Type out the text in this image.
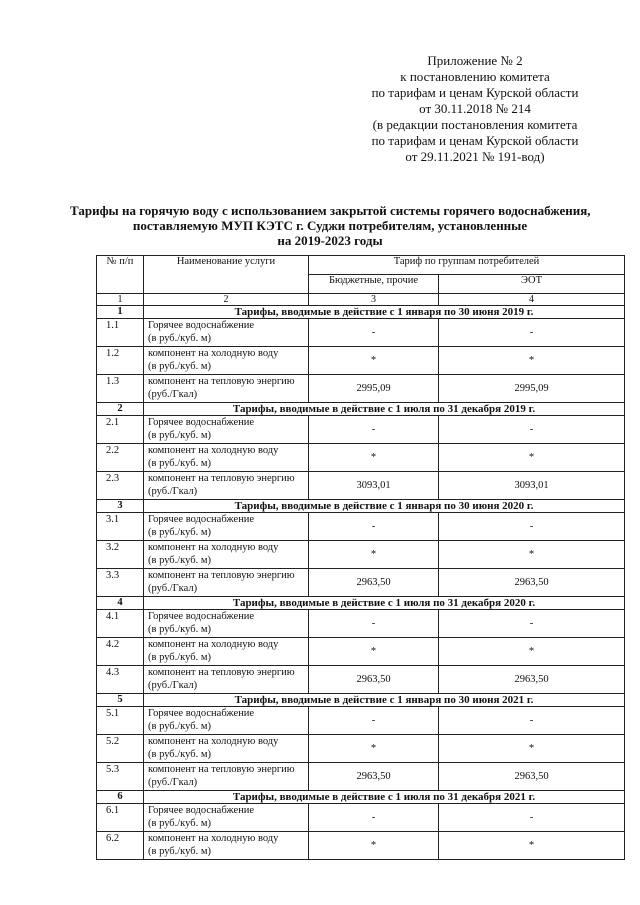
Приложение № 2
к постановлению комитета
по тарифам и ценам Курской области
от 30.11.2018 № 214
(в редакции постановления комитета
по тарифам и ценам Курской области
от 29.11.2021 № 191-вод)
Тарифы на горячую воду с использованием закрытой системы горячего водоснабжения,
поставляемую МУП КЭТС г. Суджи потребителям, установленные
на 2019-2023 годы
№ п/п	Наименование услуги	Тариф по группам потребителей	
		Бюджетные, прочие	ЭОТ
1	2	3	4
1	Тарифы, вводимые в действие с 1 января по 30 июня 2019 г.		
1.1	Горячее водоснабжение
(в руб./куб. м)	-	-
1.2	компонент на холодную воду
(в руб./куб. м)	*	*
1.3	компонент на тепловую энергию
(руб./Гкал)	2995,09	2995,09
2	Тарифы, вводимые в действие с 1 июля по 31 декабря 2019 г.		
2.1	Горячее водоснабжение
(в руб./куб. м)	-	-
2.2	компонент на холодную воду
(в руб./куб. м)	*	*
2.3	компонент на тепловую энергию
(руб./Гкал)	3093,01	3093,01
3	Тарифы, вводимые в действие с 1 января по 30 июня 2020 г.		
3.1	Горячее водоснабжение
(в руб./куб. м)	-	-
3.2	компонент на холодную воду
(в руб./куб. м)	*	*
3.3	компонент на тепловую энергию
(руб./Гкал)	2963,50	2963,50
4	Тарифы, вводимые в действие с 1 июля по 31 декабря 2020 г.		
4.1	Горячее водоснабжение
(в руб./куб. м)	-	-
4.2	компонент на холодную воду
(в руб./куб. м)	*	*
4.3	компонент на тепловую энергию
(руб./Гкал)	2963,50	2963,50
5	Тарифы, вводимые в действие с 1 января по 30 июня 2021 г.		
5.1	Горячее водоснабжение
(в руб./куб. м)	-	-
5.2	компонент на холодную воду
(в руб./куб. м)	*	*
5.3	компонент на тепловую энергию
(руб./Гкал)	2963,50	2963,50
6	Тарифы, вводимые в действие с 1 июля по 31 декабря 2021 г.		
6.1	Горячее водоснабжение
(в руб./куб. м)	-	-
6.2	компонент на холодную воду
(в руб./куб. м)	*	*
